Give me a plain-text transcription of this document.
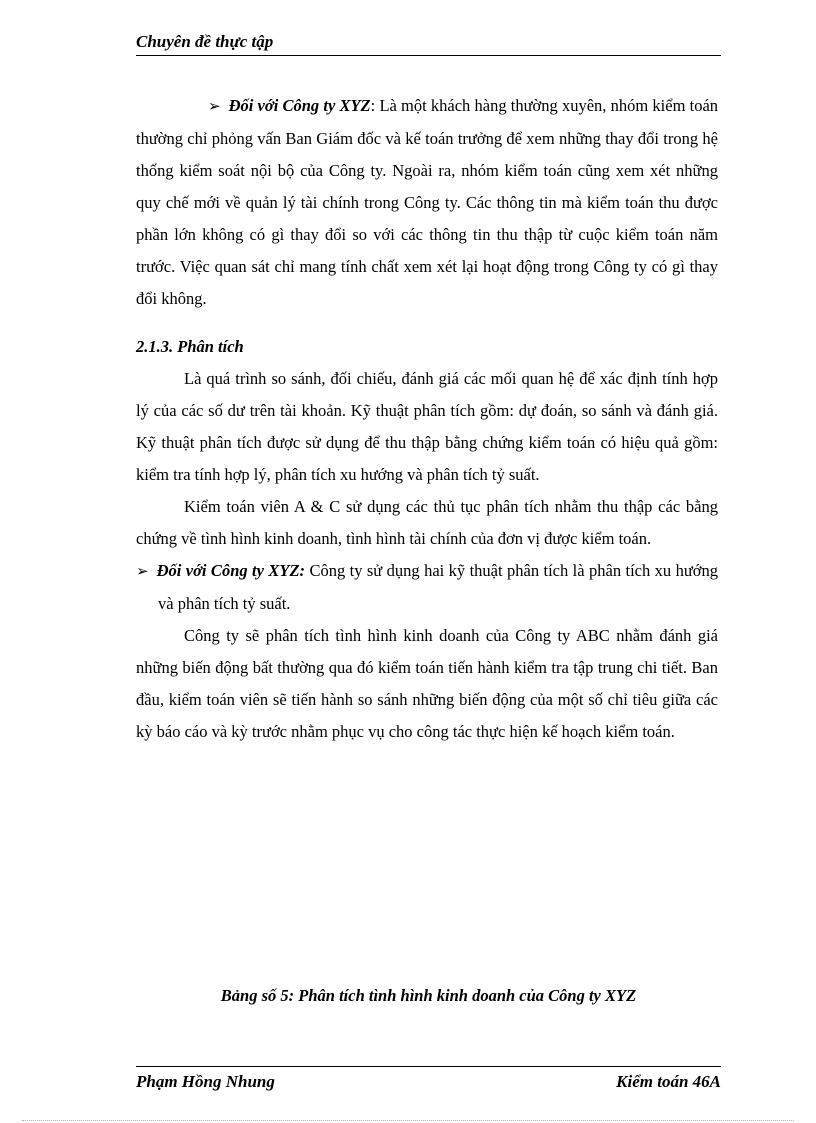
Chuyên đề thực tập

➢ Đối với Công ty XYZ: Là một khách hàng thường xuyên, nhóm kiểm toán thường chỉ phỏng vấn Ban Giám đốc và kế toán trưởng để xem những thay đổi trong hệ thống kiểm soát nội bộ của Công ty. Ngoài ra, nhóm kiểm toán cũng xem xét những quy chế mới về quản lý tài chính trong Công ty. Các thông tin mà kiểm toán thu được phần lớn không có gì thay đổi so với các thông tin thu thập từ cuộc kiểm toán năm trước. Việc quan sát chỉ mang tính chất xem xét lại hoạt động trong Công ty có gì thay đổi không.

2.1.3. Phân tích

Là quá trình so sánh, đối chiếu, đánh giá các mối quan hệ để xác định tính hợp lý của các số dư trên tài khoản. Kỹ thuật phân tích gồm: dự đoán, so sánh và đánh giá. Kỹ thuật phân tích được sử dụng để thu thập bằng chứng kiểm toán có hiệu quả gồm: kiểm tra tính hợp lý, phân tích xu hướng và phân tích tỷ suất.

Kiểm toán viên A & C sử dụng các thủ tục phân tích nhằm thu thập các bằng chứng về tình hình kinh doanh, tình hình tài chính của đơn vị được kiểm toán.

➢ Đối với Công ty XYZ: Công ty sử dụng hai kỹ thuật phân tích là phân tích xu hướng và phân tích tỷ suất.

Công ty sẽ phân tích tình hình kinh doanh của Công ty ABC nhằm đánh giá những biến động bất thường qua đó kiểm toán tiến hành kiểm tra tập trung chi tiết. Ban đầu, kiểm toán viên sẽ tiến hành so sánh những biến động của một số chỉ tiêu giữa các kỳ báo cáo và kỳ trước nhằm phục vụ cho công tác thực hiện kế hoạch kiểm toán.

Bảng số 5: Phân tích tình hình kinh doanh của Công ty XYZ
Phạm Hồng Nhung	Kiểm toán 46A
